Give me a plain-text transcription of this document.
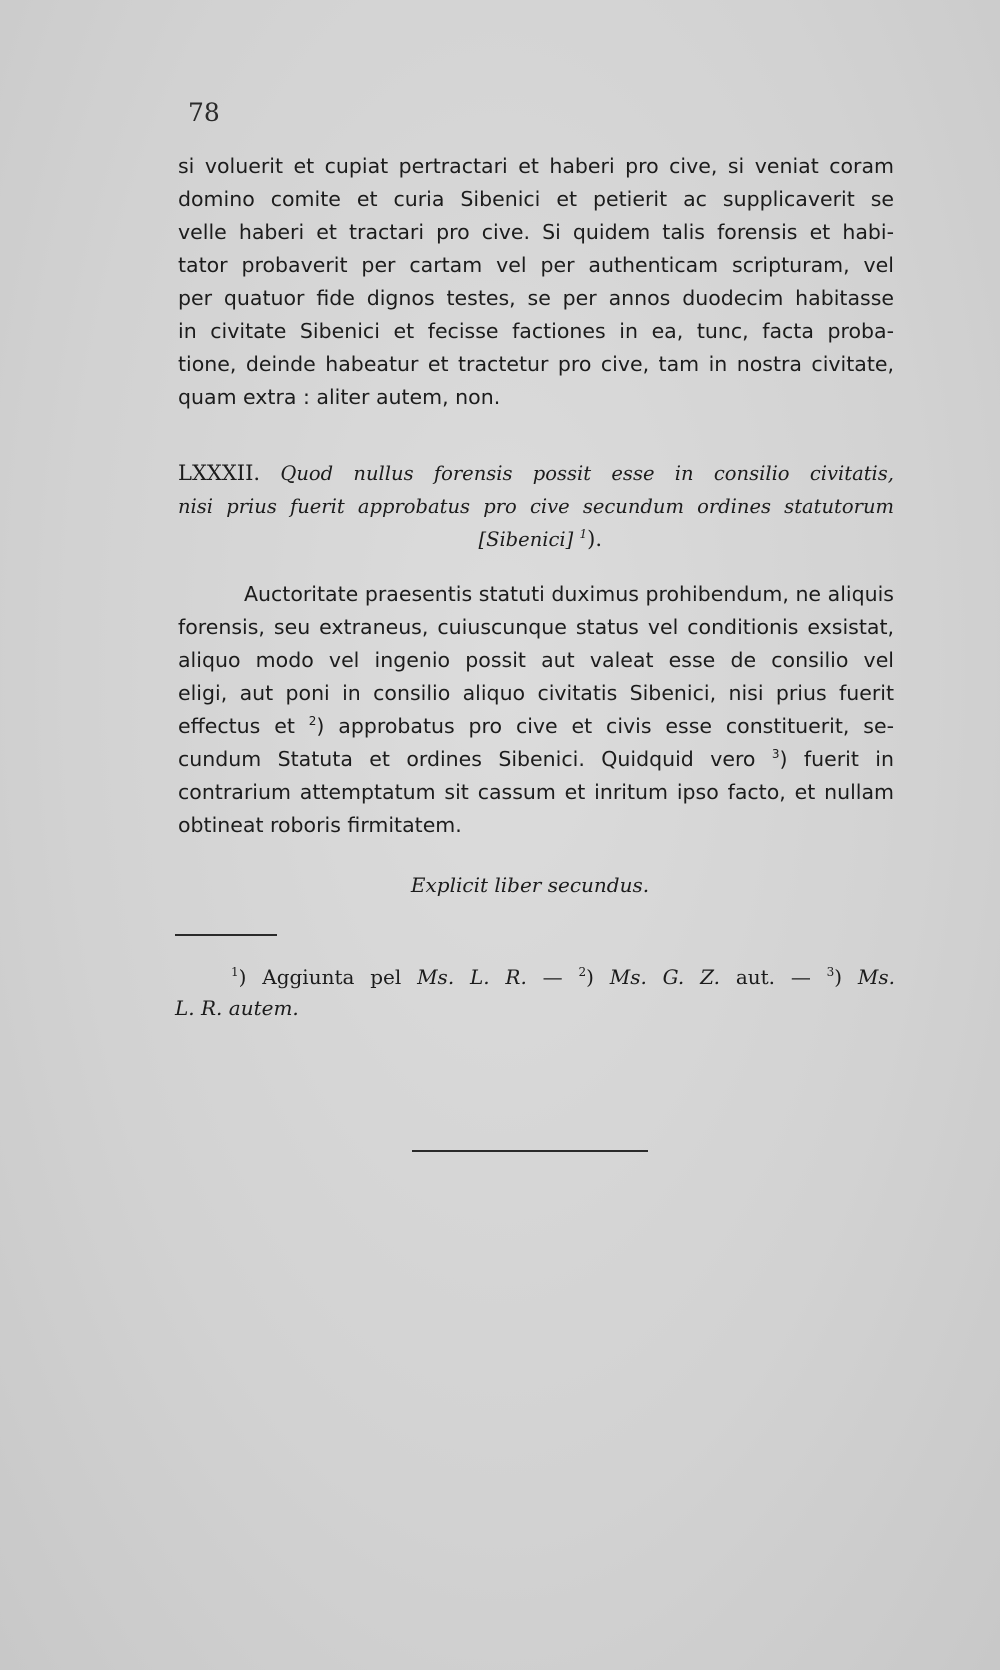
78
si voluerit et cupiat pertractari et haberi pro cive, si veniat coram
domino comite et curia Sibenici et petierit ac supplicaverit se
velle haberi et tractari pro cive. Si quidem talis forensis et habi-
tator probaverit per cartam vel per authenticam scripturam, vel
per quatuor fide dignos testes, se per annos duodecim habitasse
in civitate Sibenici et fecisse factiones in ea, tunc, facta proba-
tione, deinde habeatur et tractetur pro cive, tam in nostra civitate,
quam extra : aliter autem, non.
LXXXII. Quod nullus forensis possit esse in consilio civitatis,
nisi prius fuerit approbatus pro cive secundum ordines statutorum
[Sibenici] $^1$).
Auctoritate praesentis statuti duximus prohibendum, ne aliquis
forensis, seu extraneus, cuiuscunque status vel conditionis exsistat,
aliquo modo vel ingenio possit aut valeat esse de consilio vel
eligi, aut poni in consilio aliquo civitatis Sibenici, nisi prius fuerit
effectus et $^2$) approbatus pro cive et civis esse constituerit, se-
cundum Statuta et ordines Sibenici. Quidquid vero $^3$) fuerit in
contrarium attemptatum sit cassum et inritum ipso facto, et nullam
obtineat roboris firmitatem.
Explicit liber secundus.
$^1$) Aggiunta pel Ms. L. R. — $^2$) Ms. G. Z. aut. — $^3$) Ms.
L. R. autem.
